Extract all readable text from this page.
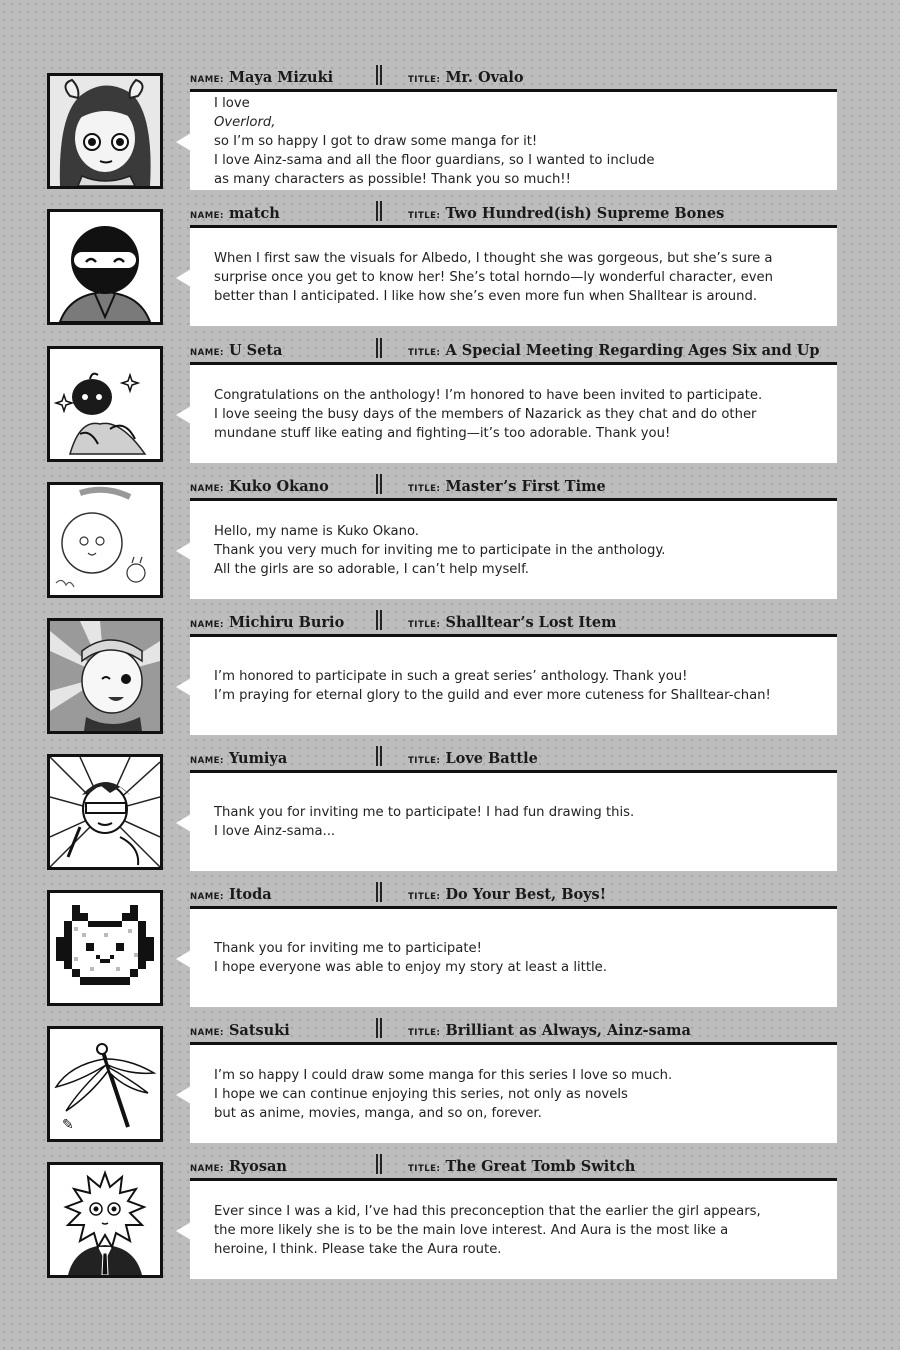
NAME: Maya Mizuki	TITLE: Mr. Ovalo
I love
Overlord,
so I’m so happy I got to draw some manga for it!
I love Ainz-sama and all the floor guardians, so I wanted to include
as many characters as possible! Thank you so much!!
NAME: match	TITLE: Two Hundred(ish) Supreme Bones
When I first saw the visuals for Albedo, I thought she was gorgeous, but she’s sure a
surprise once you get to know her! She’s total horndo—ly wonderful character, even
better than I anticipated. I like how she’s even more fun when Shalltear is around.
NAME: U Seta	TITLE: A Special Meeting Regarding Ages Six and Up
Congratulations on the anthology! I’m honored to have been invited to participate.
I love seeing the busy days of the members of Nazarick as they chat and do other
mundane stuff like eating and fighting—it’s too adorable. Thank you!
NAME: Kuko Okano	TITLE: Master’s First Time
Hello, my name is Kuko Okano.
Thank you very much for inviting me to participate in the anthology.
All the girls are so adorable, I can’t help myself.
NAME: Michiru Burio	TITLE: Shalltear’s Lost Item
I’m honored to participate in such a great series’ anthology. Thank you!
I’m praying for eternal glory to the guild and ever more cuteness for Shalltear-chan!
NAME: Yumiya	TITLE: Love Battle
Thank you for inviting me to participate! I had fun drawing this.
I love Ainz-sama...
NAME: Itoda	TITLE: Do Your Best, Boys!
Thank you for inviting me to participate!
I hope everyone was able to enjoy my story at least a little.
✎
NAME: Satsuki	TITLE: Brilliant as Always, Ainz-sama
I’m so happy I could draw some manga for this series I love so much.
I hope we can continue enjoying this series, not only as novels
but as anime, movies, manga, and so on, forever.
NAME: Ryosan	TITLE: The Great Tomb Switch
Ever since I was a kid, I’ve had this preconception that the earlier the girl appears,
the more likely she is to be the main love interest. And Aura is the most like a
heroine, I think. Please take the Aura route.
